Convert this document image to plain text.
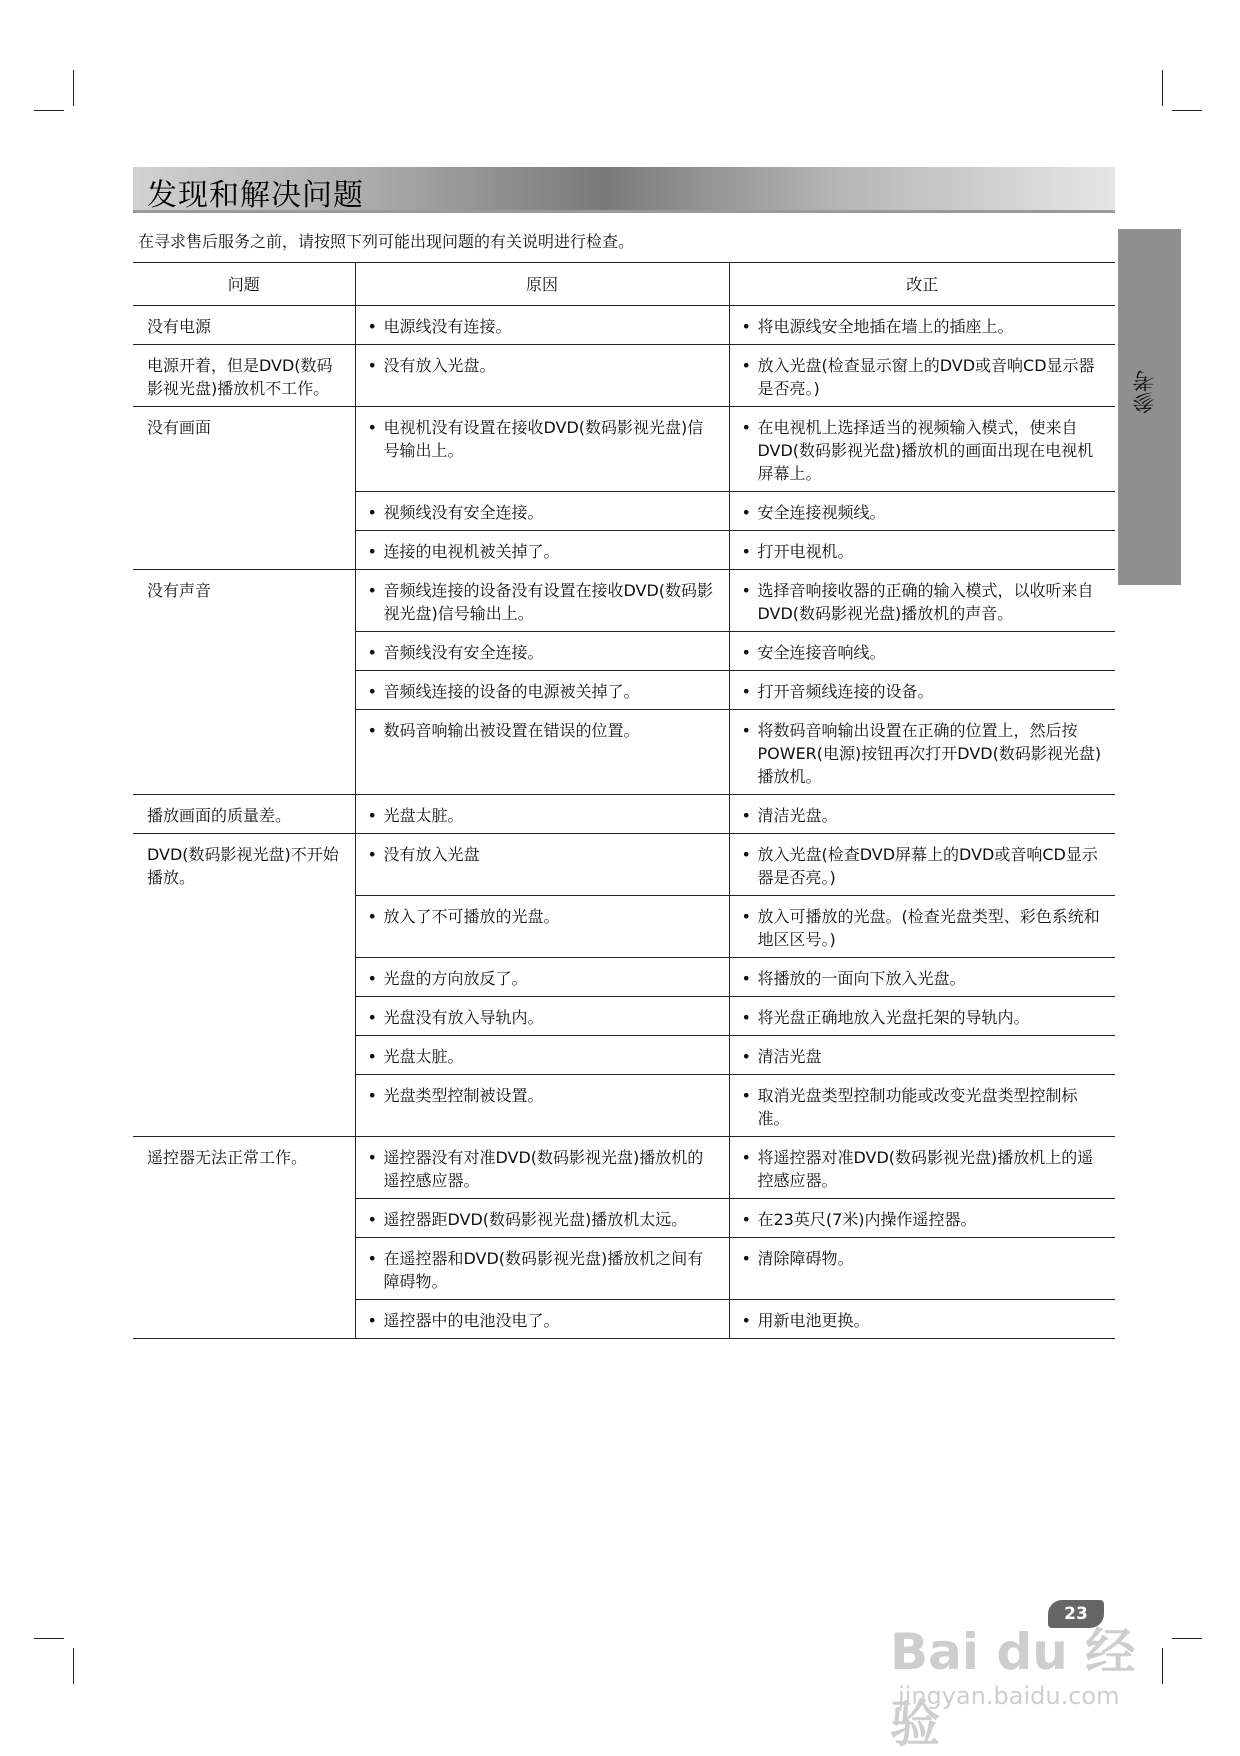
发现和解决问题
在寻求售后服务之前，请按照下列可能出现问题的有关说明进行检查。
参考
问题	原因	改正
没有电源	• 电源线没有连接。	• 将电源线安全地插在墙上的插座上。

电源开着，但是DVD(数码影视光盘)播放机不工作。	• 没有放入光盘。	• 放入光盘(检查显示窗上的DVD或音响CD显示器是否亮。)

没有画面	• 电视机没有设置在接收DVD(数码影视光盘)信号输出上。	• 在电视机上选择适当的视频输入模式，使来自DVD(数码影视光盘)播放机的画面出现在电视机屏幕上。

	• 视频线没有安全连接。	• 安全连接视频线。

	• 连接的电视机被关掉了。	• 打开电视机。

没有声音	• 音频线连接的设备没有设置在接收DVD(数码影视光盘)信号输出上。	• 选择音响接收器的正确的输入模式，以收听来自DVD(数码影视光盘)播放机的声音。

	• 音频线没有安全连接。	• 安全连接音响线。

	• 音频线连接的设备的电源被关掉了。	• 打开音频线连接的设备。

	• 数码音响输出被设置在错误的位置。	• 将数码音响输出设置在正确的位置上，然后按POWER(电源)按钮再次打开DVD(数码影视光盘)播放机。

播放画面的质量差。	• 光盘太脏。	• 清洁光盘。

DVD(数码影视光盘)不开始播放。	• 没有放入光盘	• 放入光盘(检查DVD屏幕上的DVD或音响CD显示器是否亮。)

	• 放入了不可播放的光盘。	• 放入可播放的光盘。(检查光盘类型、彩色系统和地区区号。)

	• 光盘的方向放反了。	• 将播放的一面向下放入光盘。

	• 光盘没有放入导轨内。	• 将光盘正确地放入光盘托架的导轨内。

	• 光盘太脏。	• 清洁光盘

	• 光盘类型控制被设置。	• 取消光盘类型控制功能或改变光盘类型控制标准。

遥控器无法正常工作。	• 遥控器没有对准DVD(数码影视光盘)播放机的遥控感应器。	• 将遥控器对准DVD(数码影视光盘)播放机上的遥控感应器。

	• 遥控器距DVD(数码影视光盘)播放机太远。	• 在23英尺(7米)内操作遥控器。

	• 在遥控器和DVD(数码影视光盘)播放机之间有障碍物。	• 清除障碍物。

	• 遥控器中的电池没电了。	• 用新电池更换。
23
Bai du 经验
jingyan.baidu.com
